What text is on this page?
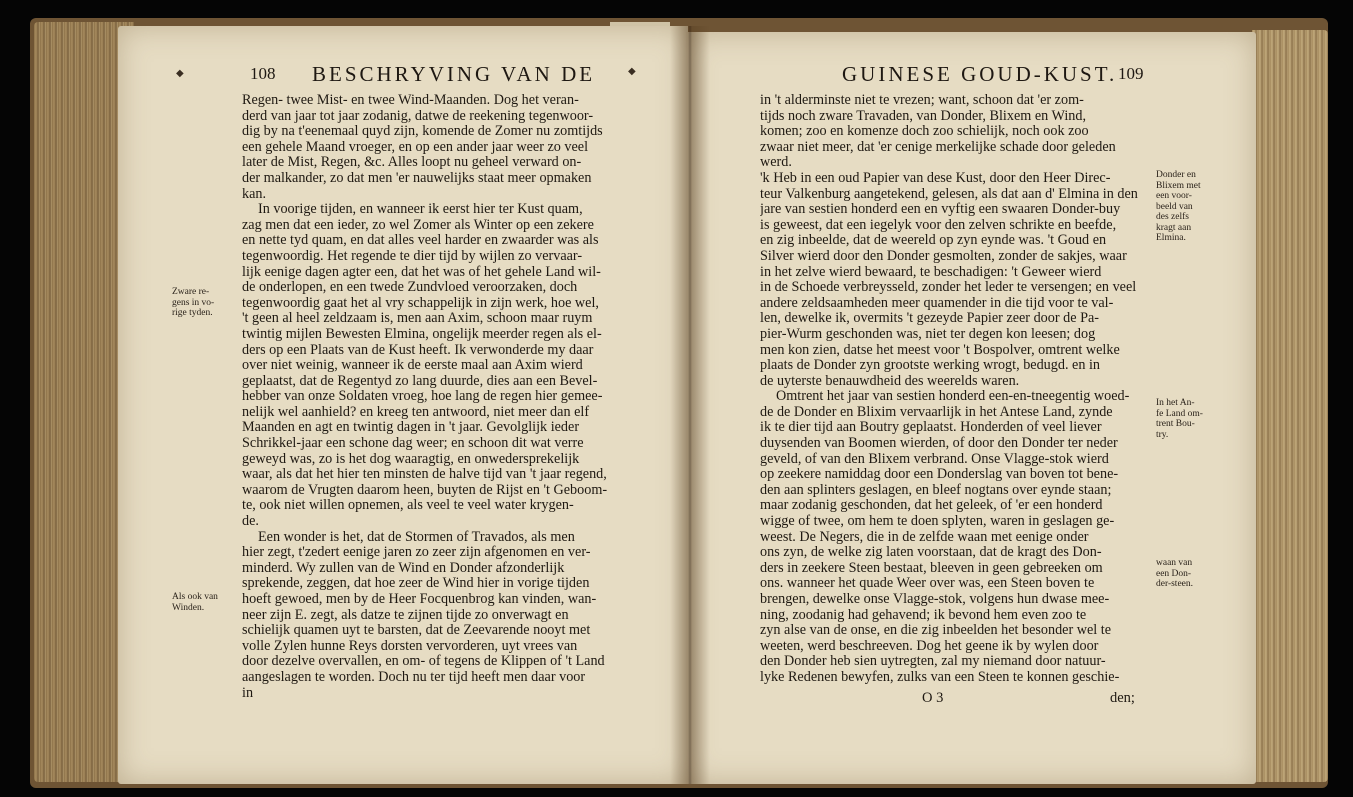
108 BESCHRYVING VAN DE
◆	◆	GUINESE GOUD-KUST. 109
Regen- twee Mist- en twee Wind-Maanden. Dog het veran-
derd van jaar tot jaar zodanig, datwe de reekening tegenwoor-
dig by na t'eenemaal quyd zijn, komende de Zomer nu zomtijds
een gehele Maand vroeger, en op een ander jaar weer zo veel
later de Mist, Regen, &c. Alles loopt nu geheel verward on-
der malkander, zo dat men 'er nauwelijks staat meer opmaken
kan.
In voorige tijden, en wanneer ik eerst hier ter Kust quam,
zag men dat een ieder, zo wel Zomer als Winter op een zekere
en nette tyd quam, en dat alles veel harder en zwaarder was als
tegenwoordig. Het regende te dier tijd by wijlen zo vervaar-
lijk eenige dagen agter een, dat het was of het gehele Land wil-
de onderlopen, en een twede Zundvloed veroorzaken, doch
tegenwoordig gaat het al vry schappelijk in zijn werk, hoe wel,
't geen al heel zeldzaam is, men aan Axim, schoon maar ruym
twintig mijlen Bewesten Elmina, ongelijk meerder regen als el-
ders op een Plaats van de Kust heeft. Ik verwonderde my daar
over niet weinig, wanneer ik de eerste maal aan Axim wierd
geplaatst, dat de Regentyd zo lang duurde, dies aan een Bevel-
hebber van onze Soldaten vroeg, hoe lang de regen hier gemee-
nelijk wel aanhield? en kreeg ten antwoord, niet meer dan elf
Maanden en agt en twintig dagen in 't jaar. Gevolglijk ieder
Schrikkel-jaar een schone dag weer; en schoon dit wat verre
geweyd was, zo is het dog waaragtig, en onwedersprekelijk
waar, als dat het hier ten minsten de halve tijd van 't jaar regend,
waarom de Vrugten daarom heen, buyten de Rijst en 't Geboom-
te, ook niet willen opnemen, als veel te veel water krygen-
de.
Een wonder is het, dat de Stormen of Travados, als men
hier zegt, t'zedert eenige jaren zo zeer zijn afgenomen en ver-
minderd. Wy zullen van de Wind en Donder afzonderlijk
sprekende, zeggen, dat hoe zeer de Wind hier in vorige tijden
hoeft gewoed, men by de Heer Focquenbrog kan vinden, wan-
neer zijn E. zegt, als datze te zijnen tijde zo onverwagt en
schielijk quamen uyt te barsten, dat de Zeevarende nooyt met
volle Zylen hunne Reys dorsten vervorderen, uyt vrees van
door dezelve overvallen, en om- of tegens de Klippen of 't Land
aangeslagen te worden. Doch nu ter tijd heeft men daar voor
in
Zware re-
gens in vo-
rige tyden.
Als ook van
Winden.
in 't alderminste niet te vrezen; want, schoon dat 'er zom-
tijds noch zware Travaden, van Donder, Blixem en Wind,
komen; zoo en komenze doch zoo schielijk, noch ook zoo
zwaar niet meer, dat 'er cenige merkelijke schade door geleden
werd.
'k Heb in een oud Papier van dese Kust, door den Heer Direc-
teur Valkenburg aangetekend, gelesen, als dat aan d' Elmina in den
jare van sestien honderd een en vyftig een swaaren Donder-buy
is geweest, dat een iegelyk voor den zelven schrikte en beefde,
en zig inbeelde, dat de weereld op zyn eynde was. 't Goud en
Silver wierd door den Donder gesmolten, zonder de sakjes, waar
in het zelve wierd bewaard, te beschadigen: 't Geweer wierd
in de Schoede verbreysseld, zonder het leder te versengen; en veel
andere zeldsaamheden meer quamender in die tijd voor te val-
len, dewelke ik, overmits 't gezeyde Papier zeer door de Pa-
pier-Wurm geschonden was, niet ter degen kon leesen; dog
men kon zien, datse het meest voor 't Bospolver, omtrent welke
plaats de Donder zyn grootste werking wrogt, bedugd. en in
de uyterste benauwdheid des weerelds waren.
Omtrent het jaar van sestien honderd een-en-tneegentig woed-
de de Donder en Blixim vervaarlijk in het Antese Land, zynde
ik te dier tijd aan Boutry geplaatst. Honderden of veel liever
duysenden van Boomen wierden, of door den Donder ter neder
geveld, of van den Blixem verbrand. Onse Vlagge-stok wierd
op zeekere namiddag door een Donderslag van boven tot bene-
den aan splinters geslagen, en bleef nogtans over eynde staan;
maar zodanig geschonden, dat het geleek, of 'er een honderd
wigge of twee, om hem te doen splyten, waren in geslagen ge-
weest. De Negers, die in de zelfde waan met eenige onder
ons zyn, de welke zig laten voorstaan, dat de kragt des Don-
ders in zeekere Steen bestaat, bleeven in geen gebreeken om
ons. wanneer het quade Weer over was, een Steen boven te
brengen, dewelke onse Vlagge-stok, volgens hun dwase mee-
ning, zoodanig had gehavend; ik bevond hem even zoo te
zyn alse van de onse, en die zig inbeelden het besonder wel te
weeten, werd beschreeven. Dog het geene ik by wylen door
den Donder heb sien uytregten, zal my niemand door natuur-
lyke Redenen bewyfen, zulks van een Steen te konnen geschie-
Donder en
Blixem met
een voor-
beeld van
des zelfs
kragt aan
Elmina.
In het An-
fe Land om-
trent Bou-
try.
waan van
een Don-
der-steen.
O 3	den;
